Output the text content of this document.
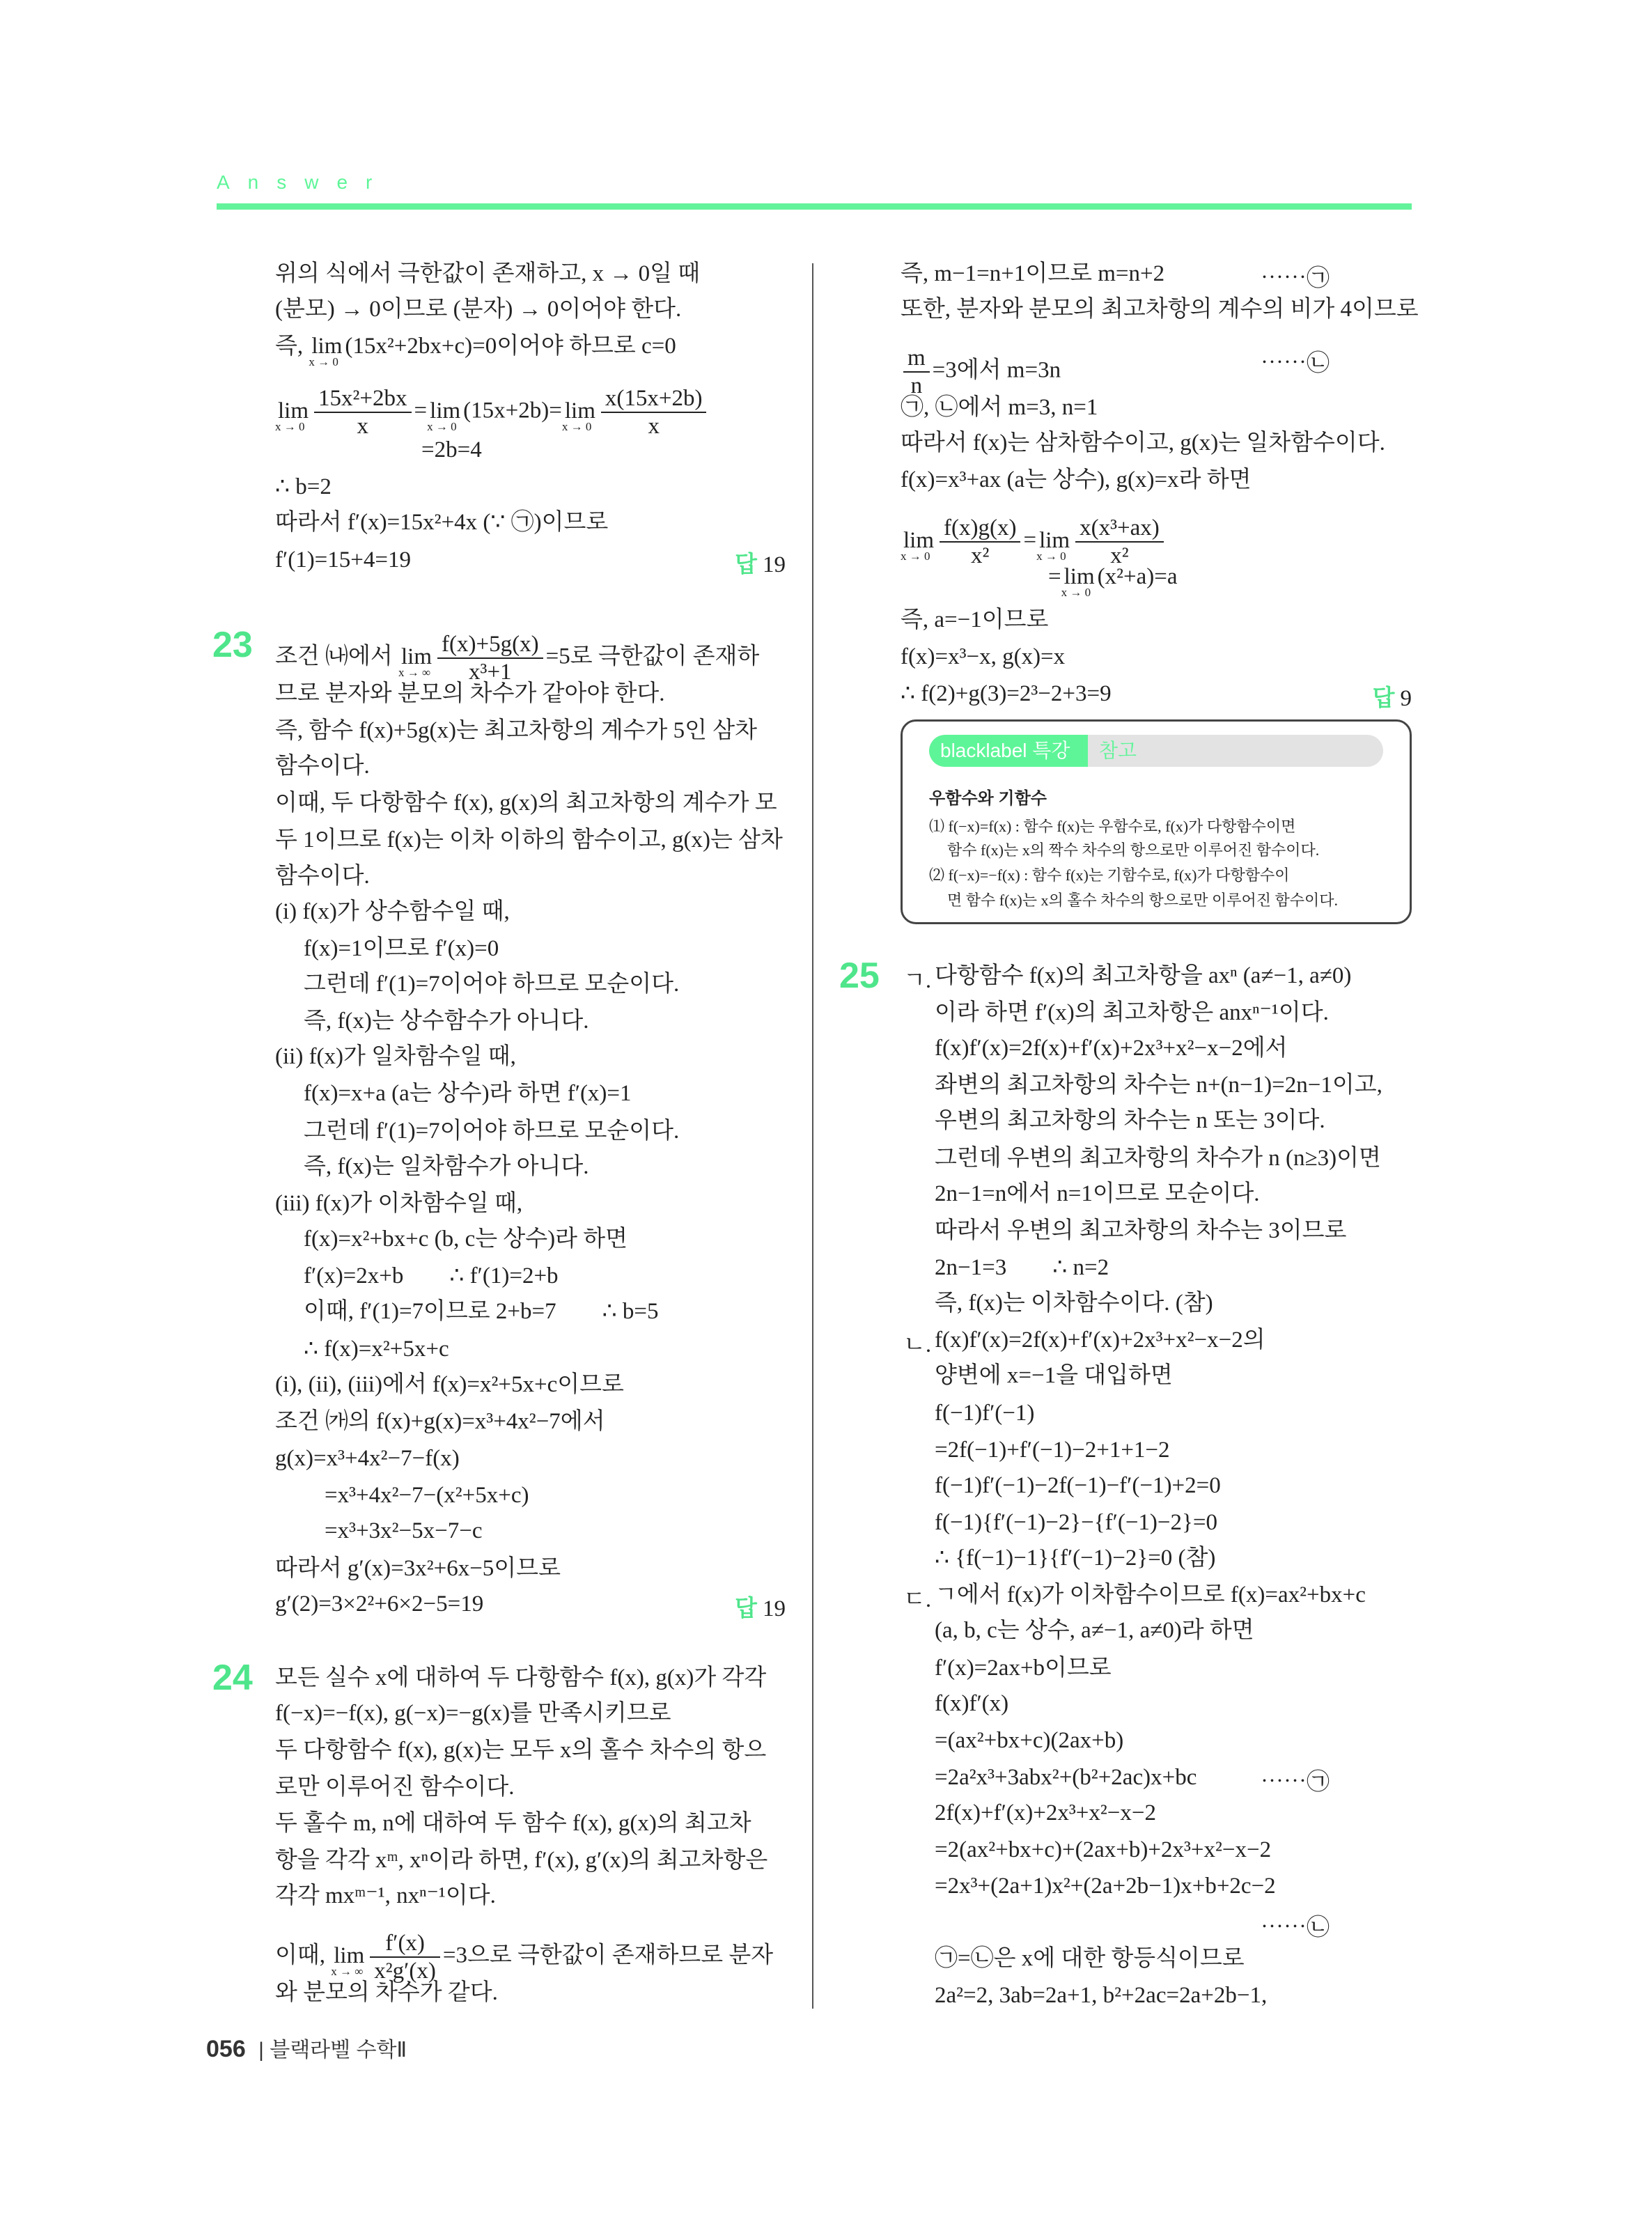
Answer
위의 식에서 극한값이 존재하고, x → 0일 때
(분모) → 0이므로 (분자) → 0이어야 한다.
즉, lim
x → 0
(15x²+2bx+c)=0이어야 하므로 c=0
lim
$x \to 0 \frac{\text{15x²+2bx}}{x} = \lim$
x → 0
(15x+2b)= lim
$x \to 0 \frac{x(15x+2b)}{x}$
=2b=4
∴ b=2
따라서 f′(x)=15x²+4x (∵ ㉠)이므로
f′(1)=15+4=19	답 19
조건 ㈏에서 lim
x → ∞ $\frac{f(x)+5g(x)}{\text{x³+1}} =5$로 극한값이 존재하
23
므로 분자와 분모의 차수가 같아야 한다.
즉, 함수 f(x)+5g(x)는 최고차항의 계수가 5인 삼차
함수이다.
이때, 두 다항함수 f(x), g(x)의 최고차항의 계수가 모
두 1이므로 f(x)는 이차 이하의 함수이고, g(x)는 삼차
함수이다.
(i) f(x)가 상수함수일 때,
f(x)=1이므로 f′(x)=0
그런데 f′(1)=7이어야 하므로 모순이다.
즉, f(x)는 상수함수가 아니다.
(ii) f(x)가 일차함수일 때,
f(x)=x+a (a는 상수)라 하면 f′(x)=1
그런데 f′(1)=7이어야 하므로 모순이다.
즉, f(x)는 일차함수가 아니다.
(iii) f(x)가 이차함수일 때,
f(x)=x²+bx+c (b, c는 상수)라 하면
f′(x)=2x+b        ∴ f′(1)=2+b
이때, f′(1)=7이므로 2+b=7        ∴ b=5
∴ f(x)=x²+5x+c
(i), (ii), (iii)에서 f(x)=x²+5x+c이므로
조건 ㈎의 f(x)+g(x)=x³+4x²−7에서
g(x)=x³+4x²−7−f(x)
=x³+4x²−7−(x²+5x+c)
=x³+3x²−5x−7−c
따라서 g′(x)=3x²+6x−5이므로
g′(2)=3×2²+6×2−5=19	답 19
모든 실수 x에 대하여 두 다항함수 f(x), g(x)가 각각
24
f(−x)=−f(x), g(−x)=−g(x)를 만족시키므로
두 다항함수 f(x), g(x)는 모두 x의 홀수 차수의 항으
로만 이루어진 함수이다.
두 홀수 m, n에 대하여 두 함수 f(x), g(x)의 최고차
항을 각각 xᵐ, xⁿ이라 하면, f′(x), g′(x)의 최고차항은
각각 mxᵐ⁻¹, nxⁿ⁻¹이다.
이때, lim
x → ∞ $\frac{f'(x)}{\text{x²g′(x)}} =3$으로 극한값이 존재하므로 분자
와 분모의 차수가 같다.
즉, m−1=n+1이므로 m=n+2	⋯⋯㉠
또한, 분자와 분모의 최고차항의 계수의 비가 4이므로
$\frac{m}{n} =3$에서 m=3n	⋯⋯㉡
㉠, ㉡에서 m=3, n=1
따라서 f(x)는 삼차함수이고, g(x)는 일차함수이다.
f(x)=x³+ax (a는 상수), g(x)=x라 하면
lim
$x \to 0 \frac{f(x)g(x)}{\text{x²}} = \lim$
$x \to 0 \frac{\text{x(x³+ax)}}{\text{x²}}$
= lim
x → 0
(x²+a)=a
즉, a=−1이므로
f(x)=x³−x, g(x)=x
∴ f(2)+g(3)=2³−2+3=9	답 9
다항함수 f(x)의 최고차항을 axⁿ (a≠−1, a≠0)
25 ㄱ.
이라 하면 f′(x)의 최고차항은 anxⁿ⁻¹이다.
f(x)f′(x)=2f(x)+f′(x)+2x³+x²−x−2에서
좌변의 최고차항의 차수는 n+(n−1)=2n−1이고,
우변의 최고차항의 차수는 n 또는 3이다.
그런데 우변의 최고차항의 차수가 n (n≥3)이면
2n−1=n에서 n=1이므로 모순이다.
따라서 우변의 최고차항의 차수는 3이므로
2n−1=3        ∴ n=2
즉, f(x)는 이차함수이다. (참)
f(x)f′(x)=2f(x)+f′(x)+2x³+x²−x−2의
ㄴ.
양변에 x=−1을 대입하면
f(−1)f′(−1)
=2f(−1)+f′(−1)−2+1+1−2
f(−1)f′(−1)−2f(−1)−f′(−1)+2=0
f(−1){f′(−1)−2}−{f′(−1)−2}=0
∴ {f(−1)−1}{f′(−1)−2}=0 (참)
ㄱ에서 f(x)가 이차함수이므로 f(x)=ax²+bx+c
ㄷ.
(a, b, c는 상수, a≠−1, a≠0)라 하면
f′(x)=2ax+b이므로
f(x)f′(x)
=(ax²+bx+c)(2ax+b)
=2a²x³+3abx²+(b²+2ac)x+bc	⋯⋯㉠
2f(x)+f′(x)+2x³+x²−x−2
=2(ax²+bx+c)+(2ax+b)+2x³+x²−x−2
=2x³+(2a+1)x²+(2a+2b−1)x+b+2c−2
⋯⋯㉡
㉠=㉡은 x에 대한 항등식이므로
2a²=2, 3ab=2a+1, b²+2ac=2a+2b−1,
blacklabel 특강	참고
우함수와 기함수
⑴ f(−x)=f(x) : 함수 f(x)는 우함수로, f(x)가 다항함수이면
함수 f(x)는 x의 짝수 차수의 항으로만 이루어진 함수이다.
⑵ f(−x)=−f(x) : 함수 f(x)는 기함수로, f(x)가 다항함수이
면 함수 f(x)는 x의 홀수 차수의 항으로만 이루어진 함수이다.
056 | 블랙라벨 수학Ⅱ
